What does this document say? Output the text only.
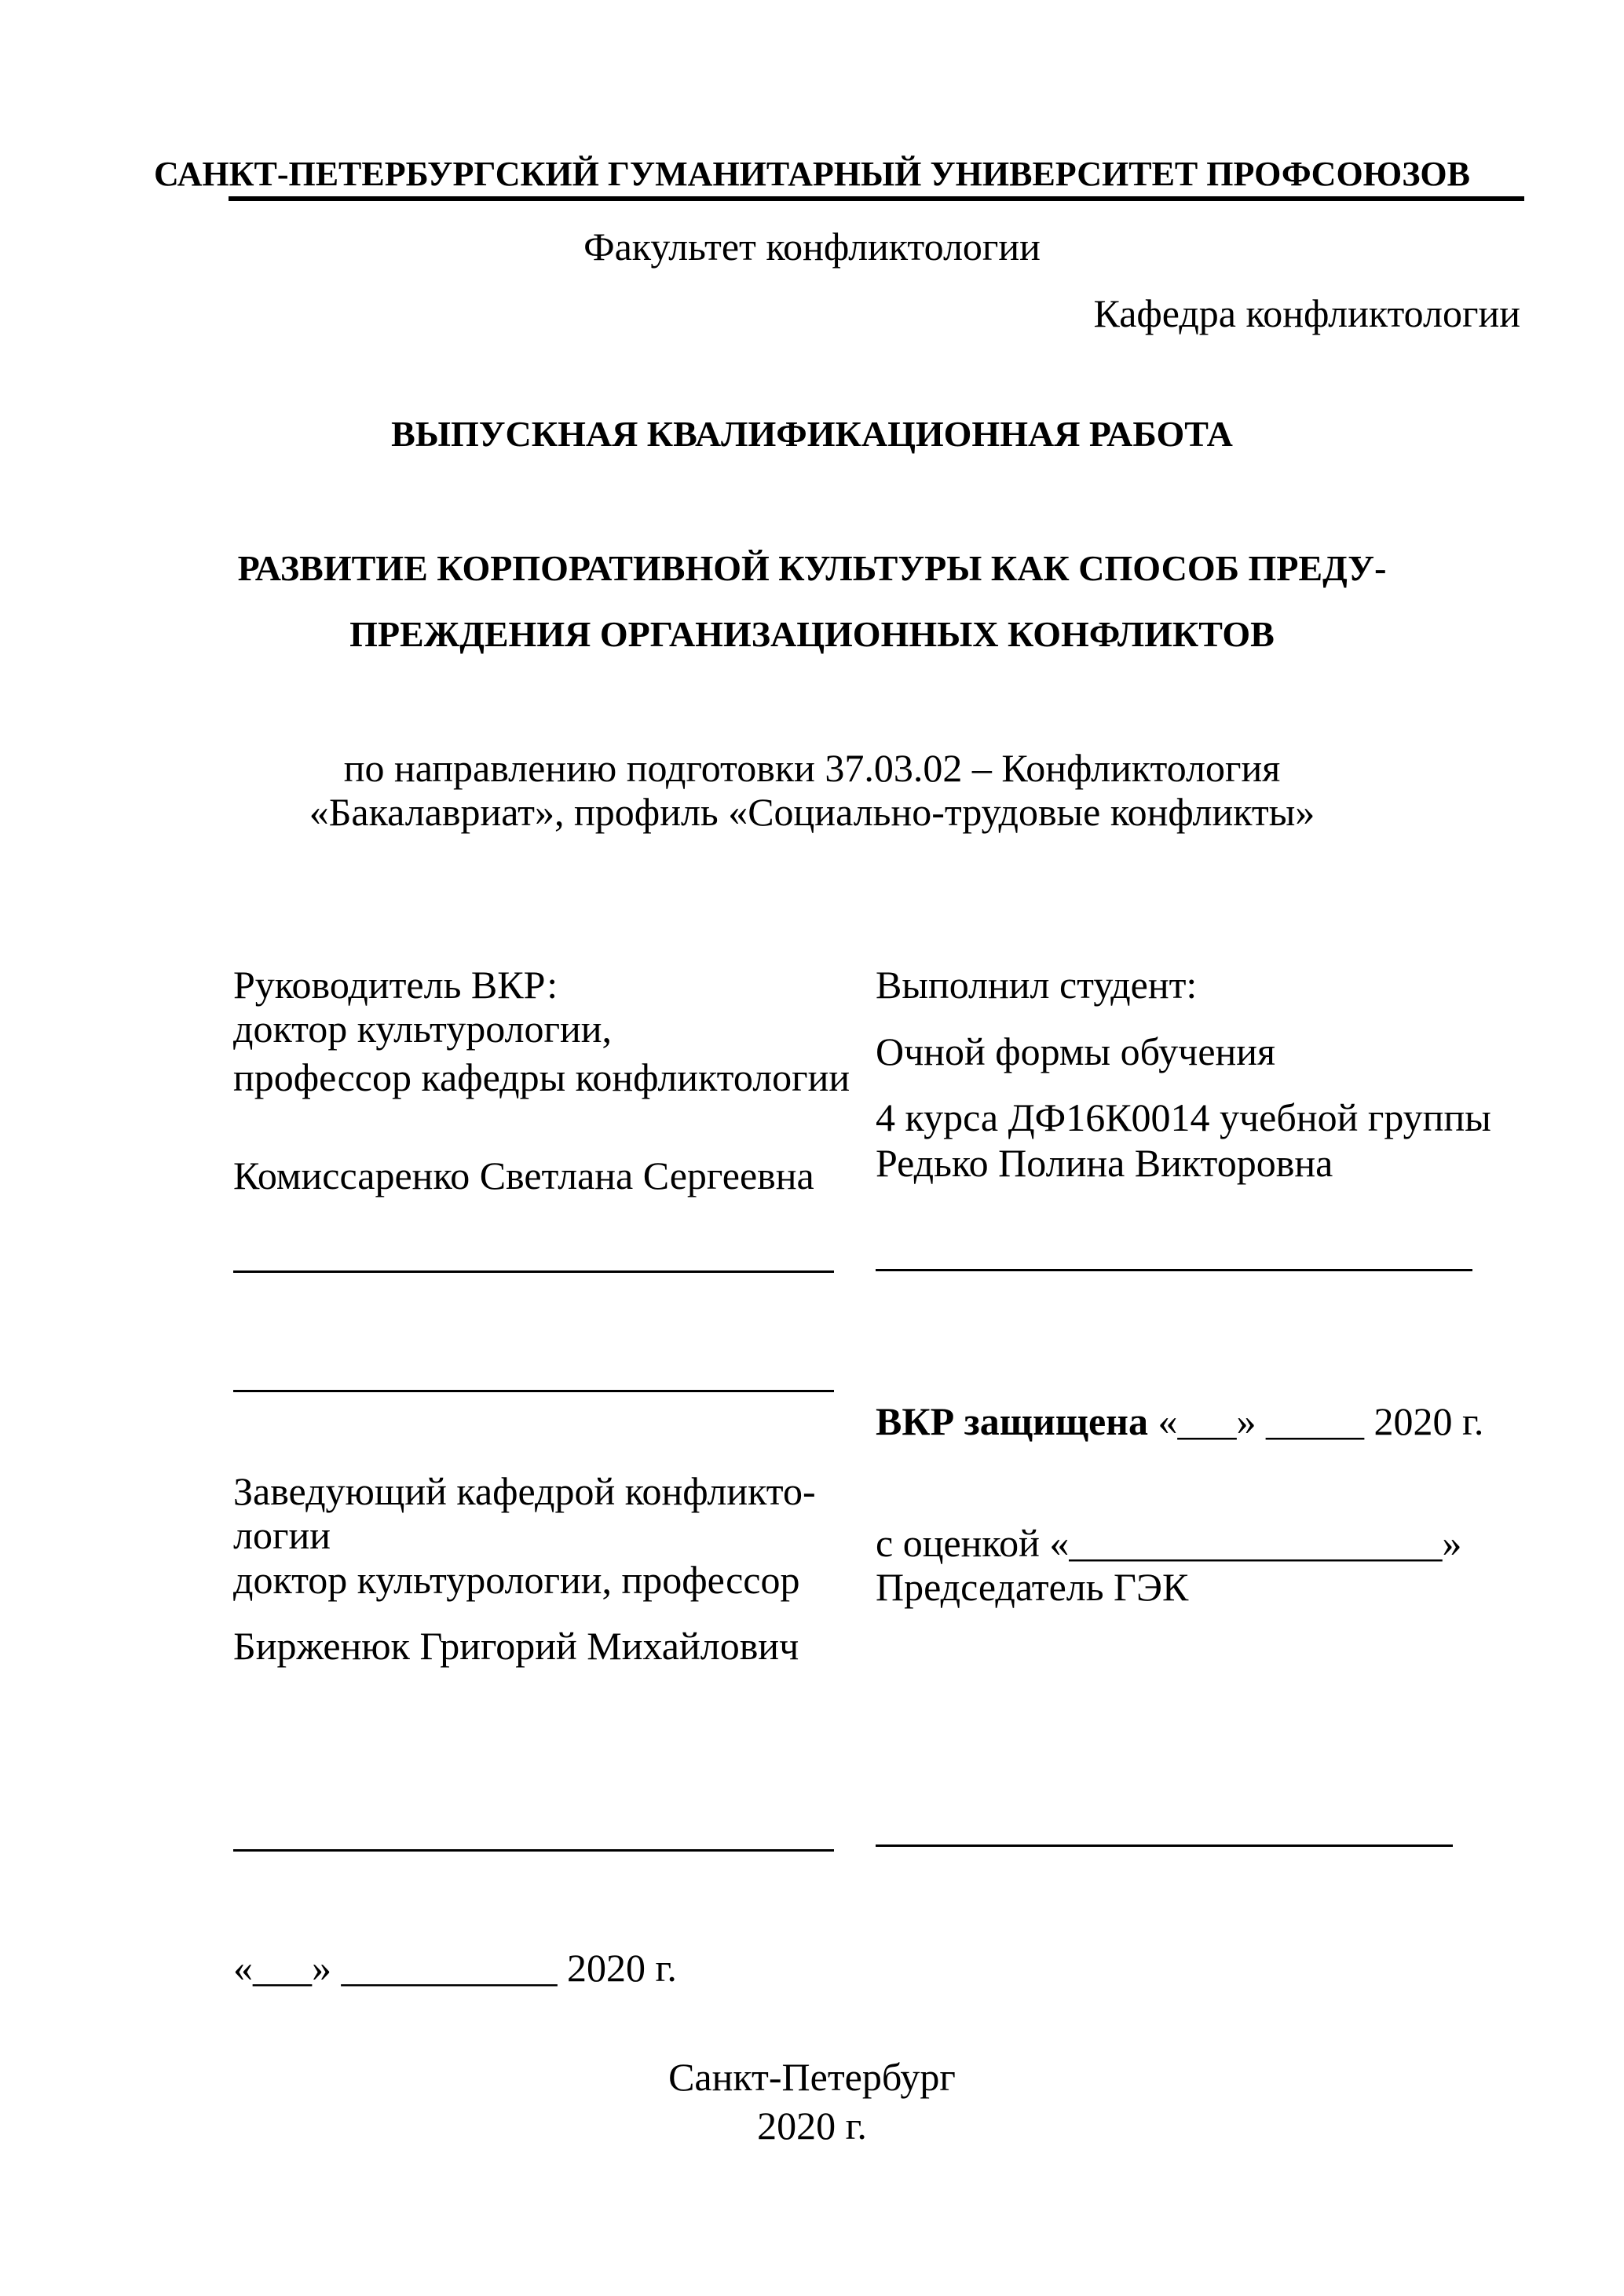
САНКТ-ПЕТЕРБУРГСКИЙ ГУМАНИТАРНЫЙ УНИВЕРСИТЕТ ПРОФСОЮЗОВ
Факультет конфликтологии
Кафедра конфликтологии
ВЫПУСКНАЯ КВАЛИФИКАЦИОННАЯ РАБОТА
РАЗВИТИЕ КОРПОРАТИВНОЙ КУЛЬТУРЫ КАК СПОСОБ ПРЕДУ-
ПРЕЖДЕНИЯ ОРГАНИЗАЦИОННЫХ КОНФЛИКТОВ
по направлению подготовки 37.03.02 – Конфликтология
«Бакалавриат», профиль «Социально-трудовые конфликты»
Руководитель ВКР:
доктор культурологии,
профессор кафедры конфликтологии
Комиссаренко Светлана Сергеевна
Заведующий кафедрой конфликто-
логии
доктор культурологии, профессор
Бирженюк Григорий Михайлович
«___» ___________ 2020 г.
Выполнил студент:
Очной формы обучения
4 курса ДФ16К0014 учебной группы
Редько Полина Викторовна
ВКР защищена «___» _____ 2020 г.
с оценкой «___________________»
Председатель ГЭК
Санкт-Петербург
2020 г.
